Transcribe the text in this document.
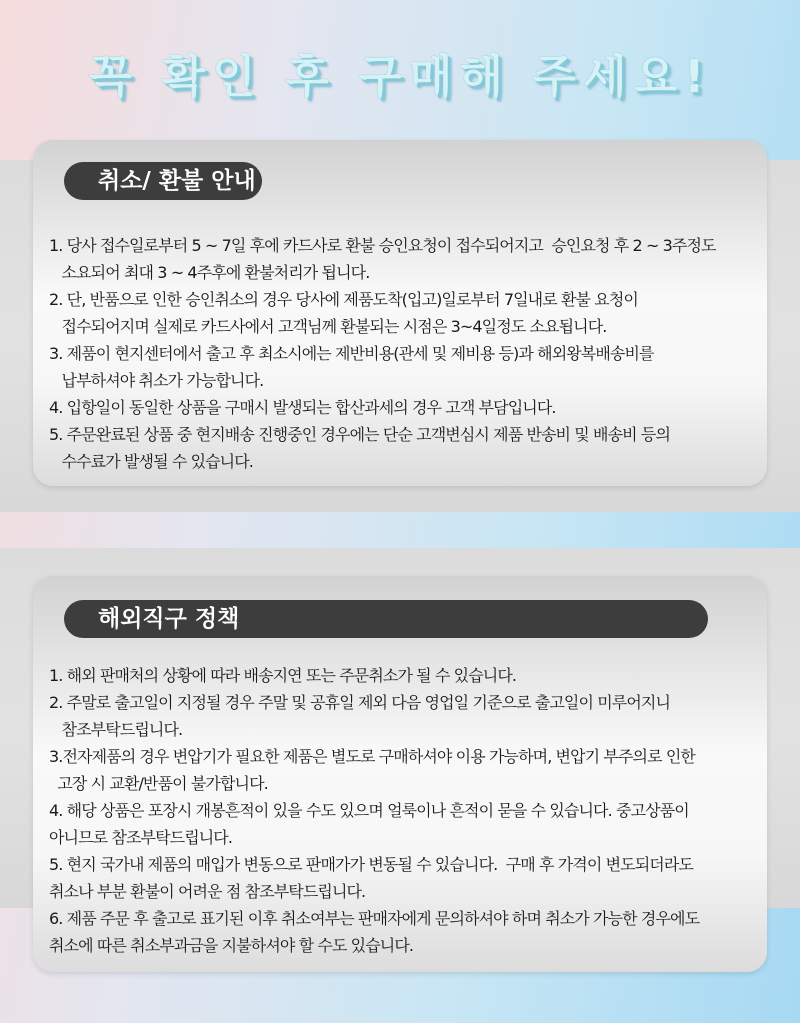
꼭 확인 후 구매해 주세요!
취소/ 환불 안내
1. 당사 접수일로부터 5 ~ 7일 후에 카드사로 환불 승인요청이 접수되어지고  승인요청 후 2 ~ 3주정도
소요되어 최대 3 ~ 4주후에 환불처리가 됩니다.
2. 단, 반품으로 인한 승인취소의 경우 당사에 제품도착(입고)일로부터 7일내로 환불 요청이
접수되어지며 실제로 카드사에서 고객님께 환불되는 시점은 3~4일정도 소요됩니다.
3. 제품이 현지센터에서 출고 후 최소시에는 제반비용(관세 및 제비용 등)과 해외왕복배송비를
납부하셔야 취소가 가능합니다.
4. 입항일이 동일한 상품을 구매시 발생되는 합산과세의 경우 고객 부담입니다.
5. 주문완료된 상품 중 현지배송 진행중인 경우에는 단순 고객변심시 제품 반송비 및 배송비 등의
수수료가 발생될 수 있습니다.
해외직구 정책
1. 해외 판매처의 상황에 따라 배송지연 또는 주문취소가 될 수 있습니다.
2. 주말로 출고일이 지정될 경우 주말 및 공휴일 제외 다음 영업일 기준으로 출고일이 미루어지니
참조부탁드립니다.
3.전자제품의 경우 변압기가 필요한 제품은 별도로 구매하셔야 이용 가능하며, 변압기 부주의로 인한
고장 시 교환/반품이 불가합니다.
4. 해당 상품은 포장시 개봉흔적이 있을 수도 있으며 얼룩이나 흔적이 묻을 수 있습니다. 중고상품이
아니므로 참조부탁드립니다.
5. 현지 국가내 제품의 매입가 변동으로 판매가가 변동될 수 있습니다.  구매 후 가격이 변도되더라도
취소나 부분 환불이 어려운 점 참조부탁드립니다.
6. 제품 주문 후 출고로 표기된 이후 취소여부는 판매자에게 문의하셔야 하며 취소가 가능한 경우에도
취소에 따른 취소부과금을 지불하셔야 할 수도 있습니다.
